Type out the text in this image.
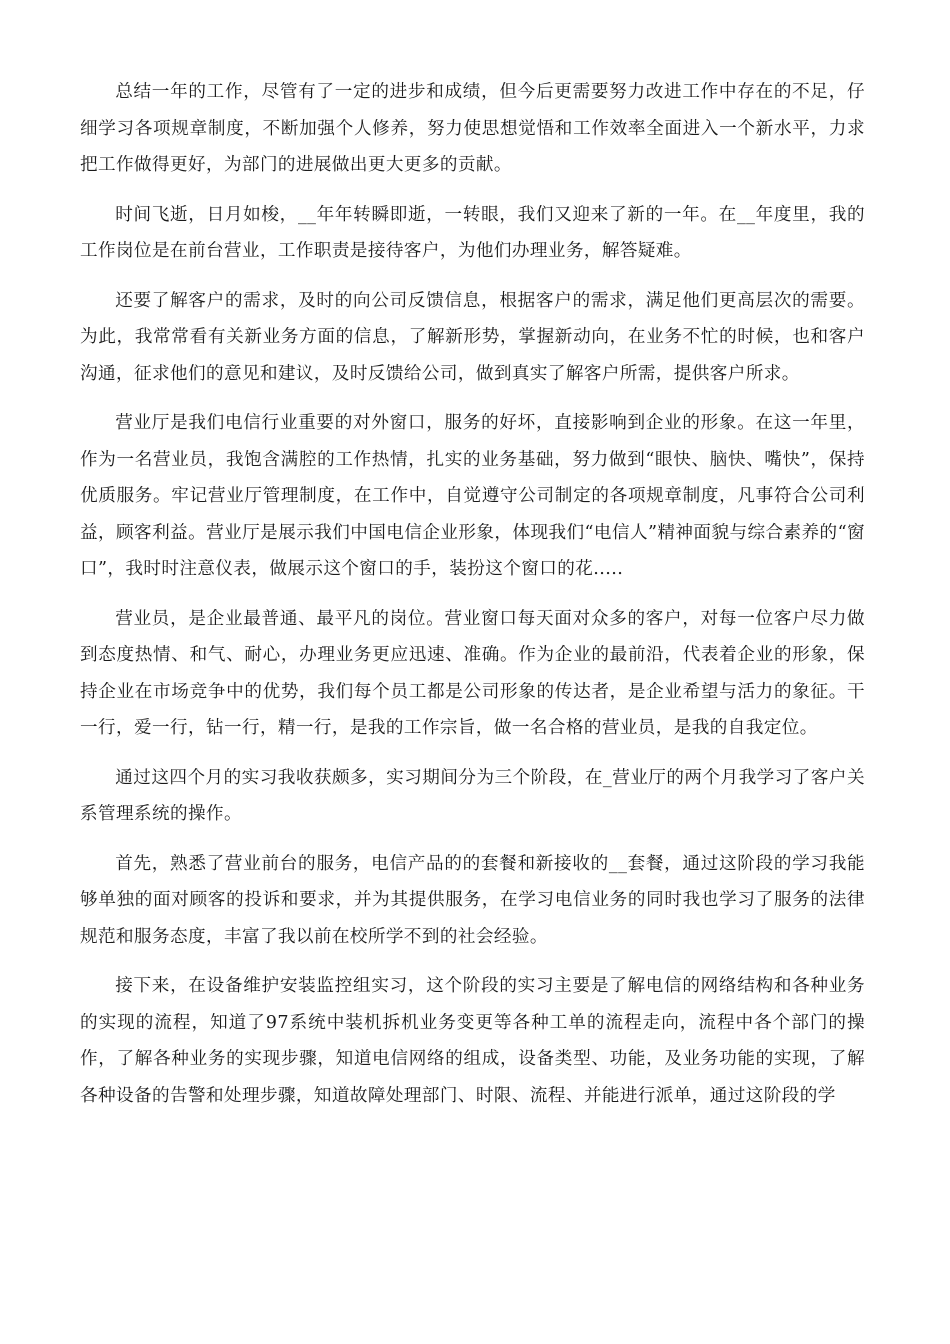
总结一年的工作，尽管有了一定的进步和成绩，但今后更需要努力改进工作中存在的不足，仔细学习各项规章制度，不断加强个人修养，努力使思想觉悟和工作效率全面进入一个新水平，力求把工作做得更好，为部门的进展做出更大更多的贡献。

时间飞逝，日月如梭，__年年转瞬即逝，一转眼，我们又迎来了新的一年。在__年度里，我的工作岗位是在前台营业，工作职责是接待客户，为他们办理业务，解答疑难。

还要了解客户的需求，及时的向公司反馈信息，根据客户的需求，满足他们更高层次的需要。为此，我常常看有关新业务方面的信息，了解新形势，掌握新动向，在业务不忙的时候，也和客户沟通，征求他们的意见和建议，及时反馈给公司，做到真实了解客户所需，提供客户所求。

营业厅是我们电信行业重要的对外窗口，服务的好坏，直接影响到企业的形象。在这一年里，作为一名营业员，我饱含满腔的工作热情，扎实的业务基础，努力做到“眼快、脑快、嘴快”，保持优质服务。牢记营业厅管理制度，在工作中，自觉遵守公司制定的各项规章制度，凡事符合公司利益，顾客利益。营业厅是展示我们中国电信企业形象，体现我们“电信人”精神面貌与综合素养的“窗口”，我时时注意仪表，做展示这个窗口的手，装扮这个窗口的花.....

营业员，是企业最普通、最平凡的岗位。营业窗口每天面对众多的客户，对每一位客户尽力做到态度热情、和气、耐心，办理业务更应迅速、准确。作为企业的最前沿，代表着企业的形象，保持企业在市场竞争中的优势，我们每个员工都是公司形象的传达者，是企业希望与活力的象征。干一行，爱一行，钻一行，精一行，是我的工作宗旨，做一名合格的营业员，是我的自我定位。

通过这四个月的实习我收获颇多，实习期间分为三个阶段，在_营业厅的两个月我学习了客户关系管理系统的操作。

首先，熟悉了营业前台的服务，电信产品的的套餐和新接收的__套餐，通过这阶段的学习我能够单独的面对顾客的投诉和要求，并为其提供服务，在学习电信业务的同时我也学习了服务的法律规范和服务态度，丰富了我以前在校所学不到的社会经验。

接下来，在设备维护安装监控组实习，这个阶段的实习主要是了解电信的网络结构和各种业务的实现的流程，知道了97系统中装机拆机业务变更等各种工单的流程走向，流程中各个部门的操作，了解各种业务的实现步骤，知道电信网络的组成，设备类型、功能，及业务功能的实现，了解各种设备的告警和处理步骤，知道故障处理部门、时限、流程、并能进行派单，通过这阶段的学
